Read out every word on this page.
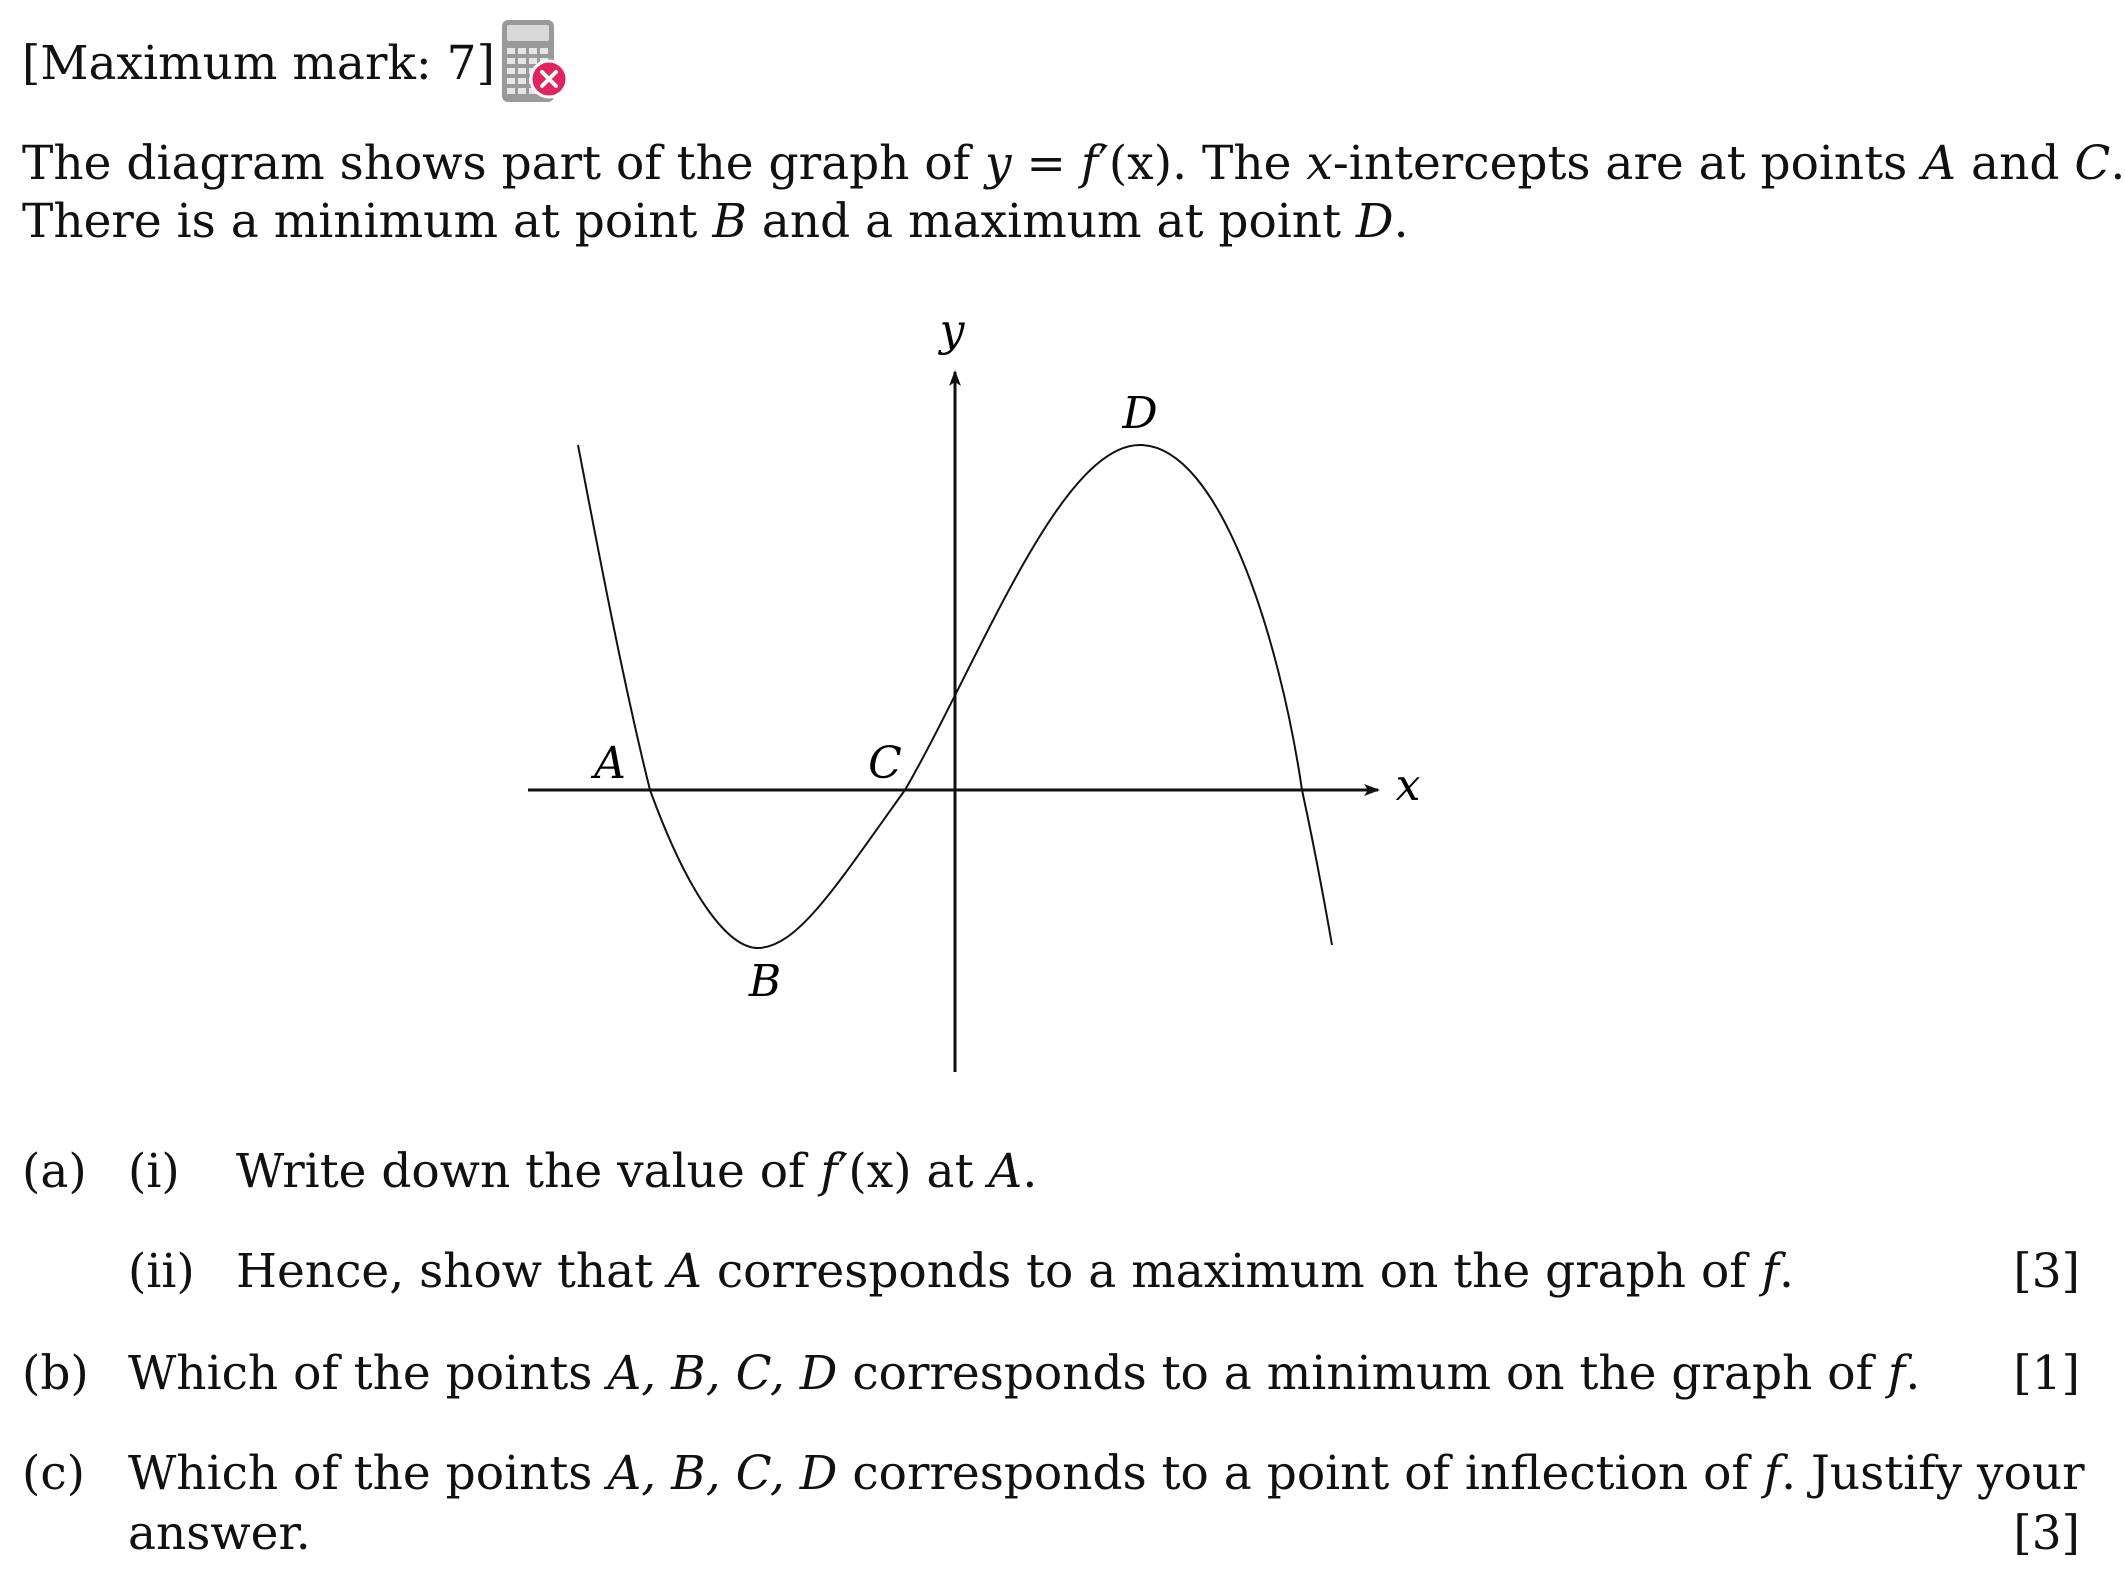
[Maximum mark: 7]
The diagram shows part of the graph of y = f′(x). The x-intercepts are at points A and C.
There is a minimum at point B and a maximum at point D.
y
x
A
B
C
D
(a) (i) Write down the value of f′(x) at A.
(ii) Hence, show that A corresponds to a maximum on the graph of f.	[3]
(b) Which of the points A, B, C, D corresponds to a minimum on the graph of f. [1]
(c) Which of the points A, B, C, D corresponds to a point of inflection of f. Justify your
answer.	[3]
